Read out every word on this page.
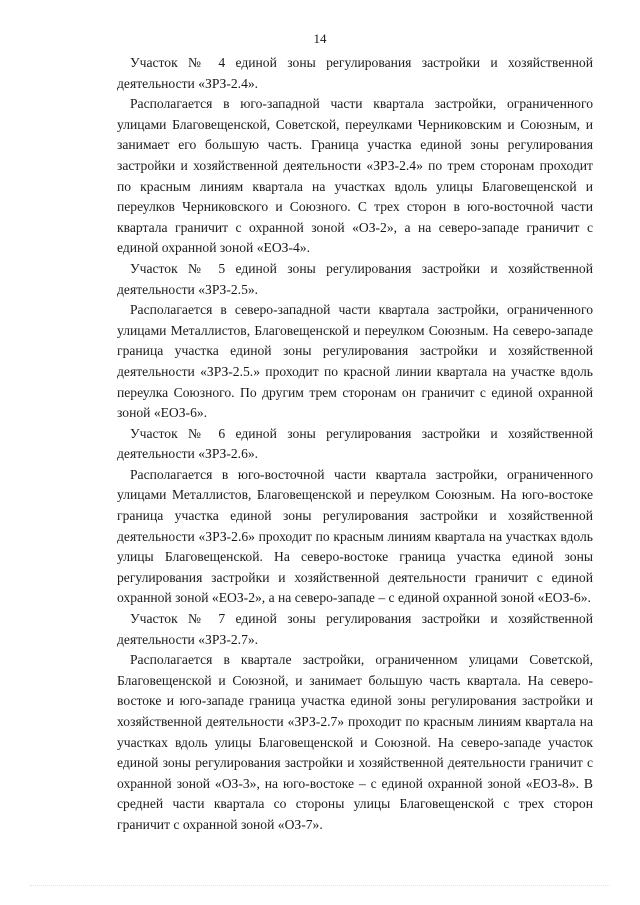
14

Участок № 4 единой зоны регулирования застройки и хозяйственной деятельности «ЗРЗ-2.4».

Располагается в юго-западной части квартала застройки, ограниченного улицами Благовещенской, Советской, переулками Черниковским и Союзным, и занимает его большую часть. Граница участка единой зоны регулирования застройки и хозяйственной деятельности «ЗРЗ-2.4» по трем сторонам проходит по красным линиям квартала на участках вдоль улицы Благовещенской и переулков Черниковского и Союзного. С трех сторон в юго-восточной части квартала граничит с охранной зоной «ОЗ-2», а на северо-западе граничит с единой охранной зоной «ЕОЗ-4».

Участок № 5 единой зоны регулирования застройки и хозяйственной деятельности «ЗРЗ-2.5».

Располагается в северо-западной части квартала застройки, ограниченного улицами Металлистов, Благовещенской и переулком Союзным. На северо-западе граница участка единой зоны регулирования застройки и хозяйственной деятельности «ЗРЗ-2.5.» проходит по красной линии квартала на участке вдоль переулка Союзного. По другим трем сторонам он граничит с единой охранной зоной «ЕОЗ-6».

Участок № 6 единой зоны регулирования застройки и хозяйственной деятельности «ЗРЗ-2.6».

Располагается в юго-восточной части квартала застройки, ограниченного улицами Металлистов, Благовещенской и переулком Союзным. На юго-востоке граница участка единой зоны регулирования застройки и хозяйственной деятельности «ЗРЗ-2.6» проходит по красным линиям квартала на участках вдоль улицы Благовещенской. На северо-востоке граница участка единой зоны регулирования застройки и хозяйственной деятельности граничит с единой охранной зоной «ЕОЗ-2», а на северо-западе – с единой охранной зоной «ЕОЗ-6».

Участок № 7 единой зоны регулирования застройки и хозяйственной деятельности «ЗРЗ-2.7».

Располагается в квартале застройки, ограниченном улицами Советской, Благовещенской и Союзной, и занимает большую часть квартала. На северо-востоке и юго-западе граница участка единой зоны регулирования застройки и хозяйственной деятельности «ЗРЗ-2.7» проходит по красным линиям квартала на участках вдоль улицы Благовещенской и Союзной. На северо-западе участок единой зоны регулирования застройки и хозяйственной деятельности граничит с охранной зоной «ОЗ-3», на юго-востоке – с единой охранной зоной «ЕОЗ-8». В средней части квартала со стороны улицы Благовещенской с трех сторон граничит с охранной зоной «ОЗ-7».
